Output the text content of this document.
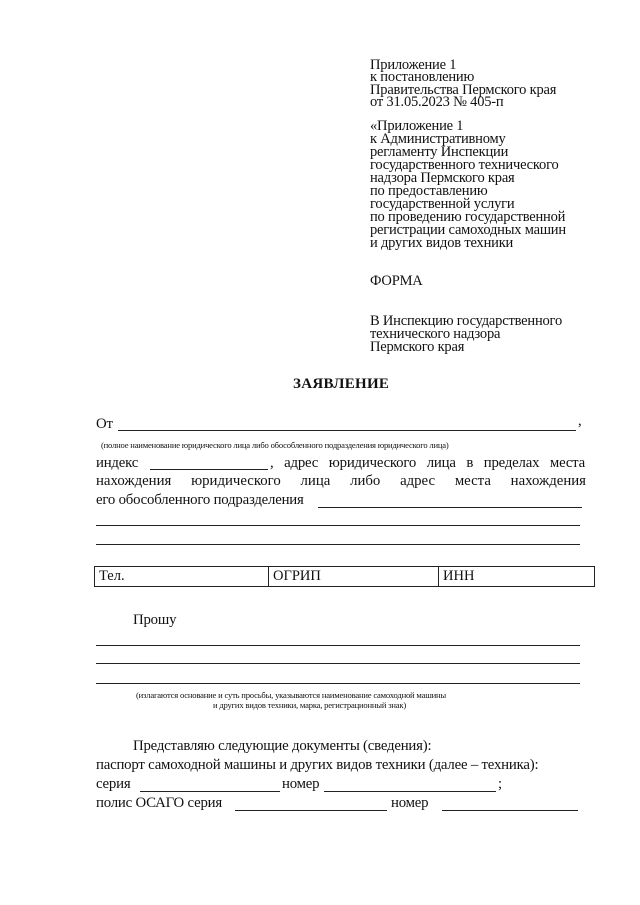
Приложение 1
к постановлению
Правительства Пермского края
от 31.05.2023 № 405-п
«Приложение 1
к Административному
регламенту Инспекции
государственного технического
надзора Пермского края
по предоставлению
государственной услуги
по проведению государственной
регистрации самоходных машин
и других видов техники
ФОРМА
В Инспекцию государственного
технического надзора
Пермского края
ЗАЯВЛЕНИЕ
От	,
(полное наименование юридического лица либо обособленного подразделения юридического лица)
индекс	, адрес юридического лица в пределах места
нахождения юридического лица либо адрес места нахождения
его обособленного подразделения
Тел.	ОГРИП	ИНН
Прошу
(излагаются основание и суть просьбы, указываются наименование самоходной машины
и других видов техники, марка, регистрационный знак)
Представляю следующие документы (сведения):
паспорт самоходной машины и других видов техники (далее – техника):
серия	номер	;
полис ОСАГО серия	номер
